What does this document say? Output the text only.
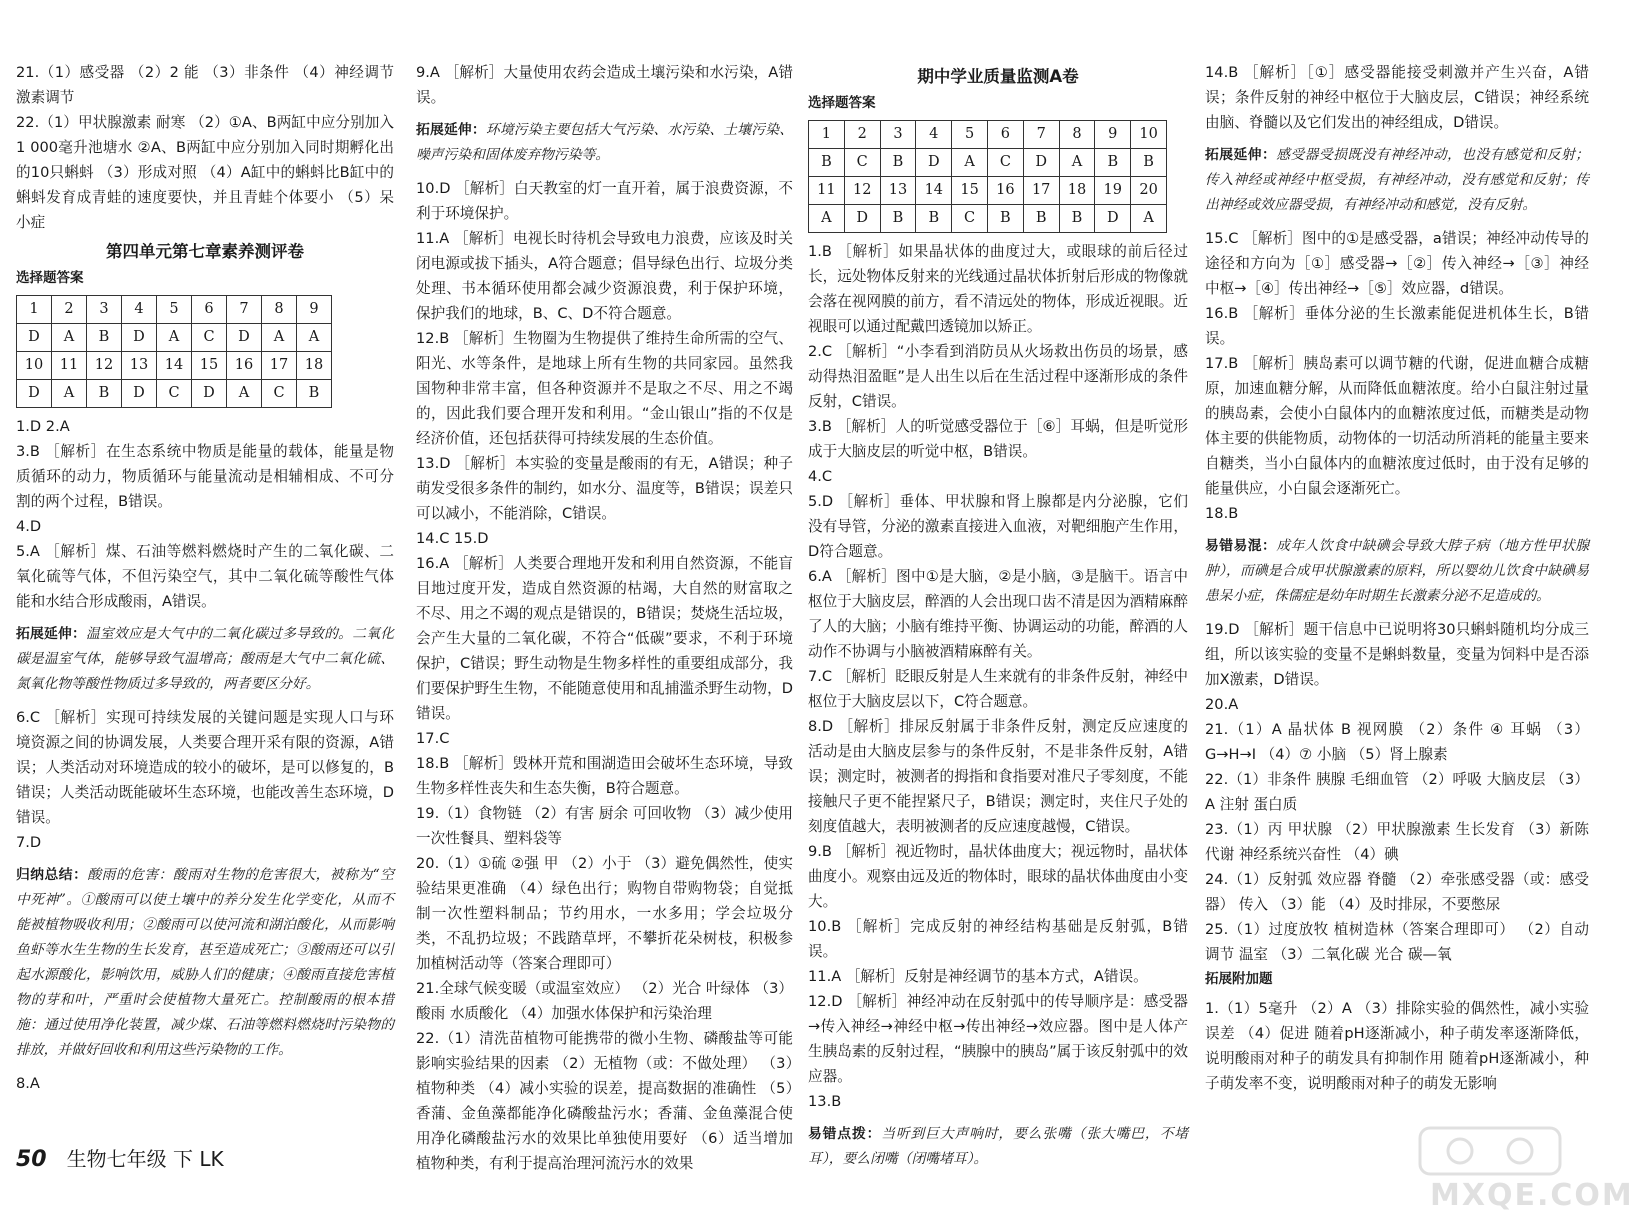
21.（1）感受器 （2）2 能 （3）非条件 （4）神经调节 激素调节

22.（1）甲状腺激素 耐寒 （2）①A、B两缸中应分别加入1 000毫升池塘水 ②A、B两缸中应分别加入同时期孵化出的10只蝌蚪 （3）形成对照 （4）A缸中的蝌蚪比B缸中的蝌蚪发育成青蛙的速度要快，并且青蛙个体要小 （5）呆小症

第四单元第七章素养测评卷
选择题答案
1	2	3	4	5	6	7	8	9
D	A	B	D	A	C	D	A	A
10	11	12	13	14	15	16	17	18
D	A	B	D	C	D	A	C	B

1.D 2.A

3.B ［解析］在生态系统中物质是能量的载体，能量是物质循环的动力，物质循环与能量流动是相辅相成、不可分割的两个过程，B错误。

4.D

5.A ［解析］煤、石油等燃料燃烧时产生的二氧化碳、二氧化硫等气体，不但污染空气，其中二氧化硫等酸性气体能和水结合形成酸雨，A错误。

拓展延伸：温室效应是大气中的二氧化碳过多导致的。二氧化碳是温室气体，能够导致气温增高；酸雨是大气中二氧化硫、氮氧化物等酸性物质过多导致的，两者要区分好。

6.C ［解析］实现可持续发展的关键问题是实现人口与环境资源之间的协调发展，人类要合理开采有限的资源，A错误；人类活动对环境造成的较小的破坏，是可以修复的，B错误；人类活动既能破坏生态环境，也能改善生态环境，D错误。

7.D

归纳总结：酸雨的危害：酸雨对生物的危害很大，被称为“空中死神”。①酸雨可以使土壤中的养分发生化学变化，从而不能被植物吸收利用；②酸雨可以使河流和湖泊酸化，从而影响鱼虾等水生生物的生长发育，甚至造成死亡；③酸雨还可以引起水源酸化，影响饮用，威胁人们的健康；④酸雨直接危害植物的芽和叶，严重时会使植物大量死亡。控制酸雨的根本措施：通过使用净化装置，减少煤、石油等燃料燃烧时污染物的排放，并做好回收和利用这些污染物的工作。

8.A

9.A ［解析］大量使用农药会造成土壤污染和水污染，A错误。

拓展延伸：环境污染主要包括大气污染、水污染、土壤污染、噪声污染和固体废弃物污染等。

10.D ［解析］白天教室的灯一直开着，属于浪费资源，不利于环境保护。

11.A ［解析］电视长时待机会导致电力浪费，应该及时关闭电源或拔下插头，A符合题意；倡导绿色出行、垃圾分类处理、书本循环使用都会减少资源浪费，利于保护环境，保护我们的地球，B、C、D不符合题意。

12.B ［解析］生物圈为生物提供了维持生命所需的空气、阳光、水等条件，是地球上所有生物的共同家园。虽然我国物种非常丰富，但各种资源并不是取之不尽、用之不竭的，因此我们要合理开发和利用。“金山银山”指的不仅是经济价值，还包括获得可持续发展的生态价值。

13.D ［解析］本实验的变量是酸雨的有无，A错误；种子萌发受很多条件的制约，如水分、温度等，B错误；误差只可以减小，不能消除，C错误。

14.C 15.D

16.A ［解析］人类要合理地开发和利用自然资源，不能盲目地过度开发，造成自然资源的枯竭，大自然的财富取之不尽、用之不竭的观点是错误的，B错误；焚烧生活垃圾，会产生大量的二氧化碳，不符合“低碳”要求，不利于环境保护，C错误；野生动物是生物多样性的重要组成部分，我们要保护野生生物，不能随意使用和乱捕滥杀野生动物，D错误。

17.C

18.B ［解析］毁林开荒和围湖造田会破坏生态环境，导致生物多样性丧失和生态失衡，B符合题意。

19.（1）食物链 （2）有害 厨余 可回收物 （3）减少使用一次性餐具、塑料袋等

20.（1）①硫 ②强 甲 （2）小于 （3）避免偶然性，使实验结果更准确 （4）绿色出行；购物自带购物袋；自觉抵制一次性塑料制品；节约用水，一水多用；学会垃圾分类，不乱扔垃圾；不践踏草坪，不攀折花朵树枝，积极参加植树活动等（答案合理即可）

21.全球气候变暖（或温室效应） （2）光合 叶绿体 （3）酸雨 水质酸化 （4）加强水体保护和污染治理

22.（1）清洗苗植物可能携带的微小生物、磷酸盐等可能影响实验结果的因素 （2）无植物（或：不做处理） （3）植物种类 （4）减小实验的误差，提高数据的准确性 （5）香蒲、金鱼藻都能净化磷酸盐污水；香蒲、金鱼藻混合使用净化磷酸盐污水的效果比单独使用要好 （6）适当增加植物种类，有利于提高治理河流污水的效果

期中学业质量监测A卷
选择题答案
1	2	3	4	5	6	7	8	9	10
B	C	B	D	A	C	D	A	B	B
11	12	13	14	15	16	17	18	19	20
A	D	B	B	C	B	B	B	D	A

1.B ［解析］如果晶状体的曲度过大，或眼球的前后径过长，远处物体反射来的光线通过晶状体折射后形成的物像就会落在视网膜的前方，看不清远处的物体，形成近视眼。近视眼可以通过配戴凹透镜加以矫正。

2.C ［解析］“小李看到消防员从火场救出伤员的场景，感动得热泪盈眶”是人出生以后在生活过程中逐渐形成的条件反射，C错误。

3.B ［解析］人的听觉感受器位于［⑥］耳蜗，但是听觉形成于大脑皮层的听觉中枢，B错误。

4.C

5.D ［解析］垂体、甲状腺和肾上腺都是内分泌腺，它们没有导管，分泌的激素直接进入血液，对靶细胞产生作用，D符合题意。

6.A ［解析］图中①是大脑，②是小脑，③是脑干。语言中枢位于大脑皮层，醉酒的人会出现口齿不清是因为酒精麻醉了人的大脑；小脑有维持平衡、协调运动的功能，醉酒的人动作不协调与小脑被酒精麻醉有关。

7.C ［解析］眨眼反射是人生来就有的非条件反射，神经中枢位于大脑皮层以下，C符合题意。

8.D ［解析］排尿反射属于非条件反射，测定反应速度的活动是由大脑皮层参与的条件反射，不是非条件反射，A错误；测定时，被测者的拇指和食指要对准尺子零刻度，不能接触尺子更不能捏紧尺子，B错误；测定时，夹住尺子处的刻度值越大，表明被测者的反应速度越慢，C错误。

9.B ［解析］视近物时，晶状体曲度大；视远物时，晶状体曲度小。观察由远及近的物体时，眼球的晶状体曲度由小变大。

10.B ［解析］完成反射的神经结构基础是反射弧，B错误。

11.A ［解析］反射是神经调节的基本方式，A错误。

12.D ［解析］神经冲动在反射弧中的传导顺序是：感受器→传入神经→神经中枢→传出神经→效应器。图中是人体产生胰岛素的反射过程，“胰腺中的胰岛”属于该反射弧中的效应器。

13.B

易错点拨：当听到巨大声响时，要么张嘴（张大嘴巴，不堵耳），要么闭嘴（闭嘴堵耳）。

14.B ［解析］［①］感受器能接受刺激并产生兴奋，A错误；条件反射的神经中枢位于大脑皮层，C错误；神经系统由脑、脊髓以及它们发出的神经组成，D错误。

拓展延伸：感受器受损既没有神经冲动，也没有感觉和反射；传入神经或神经中枢受损，有神经冲动，没有感觉和反射；传出神经或效应器受损，有神经冲动和感觉，没有反射。

15.C ［解析］图中的①是感受器，a错误；神经冲动传导的途径和方向为［①］感受器→［②］传入神经→［③］神经中枢→［④］传出神经→［⑤］效应器，d错误。

16.B ［解析］垂体分泌的生长激素能促进机体生长，B错误。

17.B ［解析］胰岛素可以调节糖的代谢，促进血糖合成糖原，加速血糖分解，从而降低血糖浓度。给小白鼠注射过量的胰岛素，会使小白鼠体内的血糖浓度过低，而糖类是动物体主要的供能物质，动物体的一切活动所消耗的能量主要来自糖类，当小白鼠体内的血糖浓度过低时，由于没有足够的能量供应，小白鼠会逐渐死亡。

18.B

易错易混：成年人饮食中缺碘会导致大脖子病（地方性甲状腺肿），而碘是合成甲状腺激素的原料，所以婴幼儿饮食中缺碘易患呆小症，侏儒症是幼年时期生长激素分泌不足造成的。

19.D ［解析］题干信息中已说明将30只蝌蚪随机均分成三组，所以该实验的变量不是蝌蚪数量，变量为饲料中是否添加X激素，D错误。

20.A

21.（1）A 晶状体 B 视网膜 （2）条件 ④ 耳蜗 （3）G→H→I （4）⑦ 小脑 （5）肾上腺素

22.（1）非条件 胰腺 毛细血管 （2）呼吸 大脑皮层 （3）A 注射 蛋白质

23.（1）丙 甲状腺 （2）甲状腺激素 生长发育 （3）新陈代谢 神经系统兴奋性 （4）碘

24.（1）反射弧 效应器 脊髓 （2）牵张感受器（或：感受器） 传入 （3）能 （4）及时排尿，不要憋尿

25.（1）过度放牧 植树造林（答案合理即可） （2）自动调节 温室 （3）二氧化碳 光合 碳—氧

拓展附加题

1.（1）5毫升 （2）A （3）排除实验的偶然性，减小实验误差 （4）促进 随着pH逐渐减小，种子萌发率逐渐降低，说明酸雨对种子的萌发具有抑制作用 随着pH逐渐减小，种子萌发率不变，说明酸雨对种子的萌发无影响

50 生物七年级 下 LK
MXQE.COM
